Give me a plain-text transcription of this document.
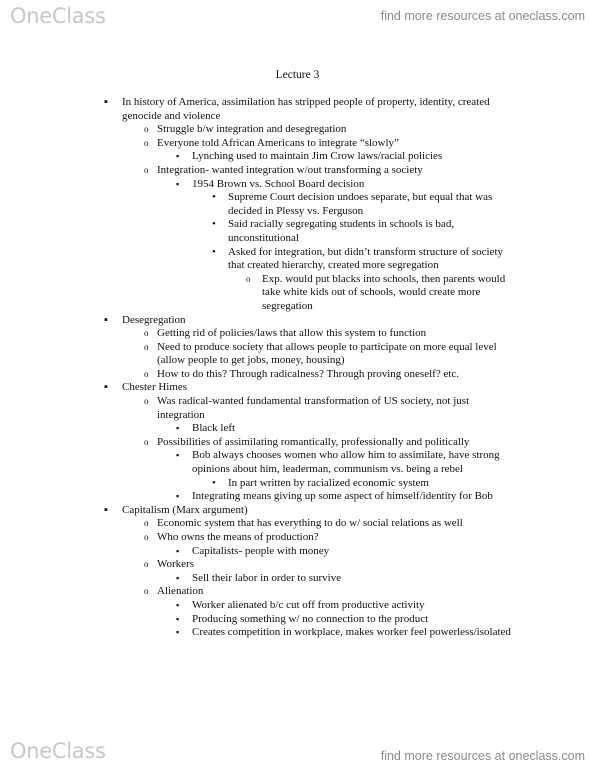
OneClass	find more resources at oneclass.com
Lecture 3
▪ In history of America, assimilation has stripped people of property, identity, created genocide and violence
o Struggle b/w integration and desegregation
o Everyone told African Americans to integrate “slowly”
▪ Lynching used to maintain Jim Crow laws/racial policies
o Integration- wanted integration w/out transforming a society
▪ 1954 Brown vs. School Board decision
• Supreme Court decision undoes separate, but equal that was decided in Plessy vs. Ferguson
• Said racially segregating students in schools is bad, unconstitutional
• Asked for integration, but didn’t transform structure of society that created hierarchy, created more segregation
o Exp. would put blacks into schools, then parents would take white kids out of schools, would create more segregation
▪ Desegregation
o Getting rid of policies/laws that allow this system to function
o Need to produce society that allows people to participate on more equal level (allow people to get jobs, money, housing)
o How to do this? Through radicalness? Through proving oneself? etc.
▪ Chester Himes
o Was radical-wanted fundamental transformation of US society, not just integration
▪ Black left
o Possibilities of assimilating romantically, professionally and politically
▪ Bob always chooses women who allow him to assimilate, have strong opinions about him, leaderman, communism vs. being a rebel
• In part written by racialized economic system
▪ Integrating means giving up some aspect of himself/identity for Bob
▪ Capitalism (Marx argument)
o Economic system that has everything to do w/ social relations as well
o Who owns the means of production?
▪ Capitalists- people with money
o Workers
▪ Sell their labor in order to survive
o Alienation
▪ Worker alienated b/c cut off from productive activity
▪ Producing something w/ no connection to the product
▪ Creates competition in workplace, makes worker feel powerless/isolated
OneClass	find more resources at oneclass.com
